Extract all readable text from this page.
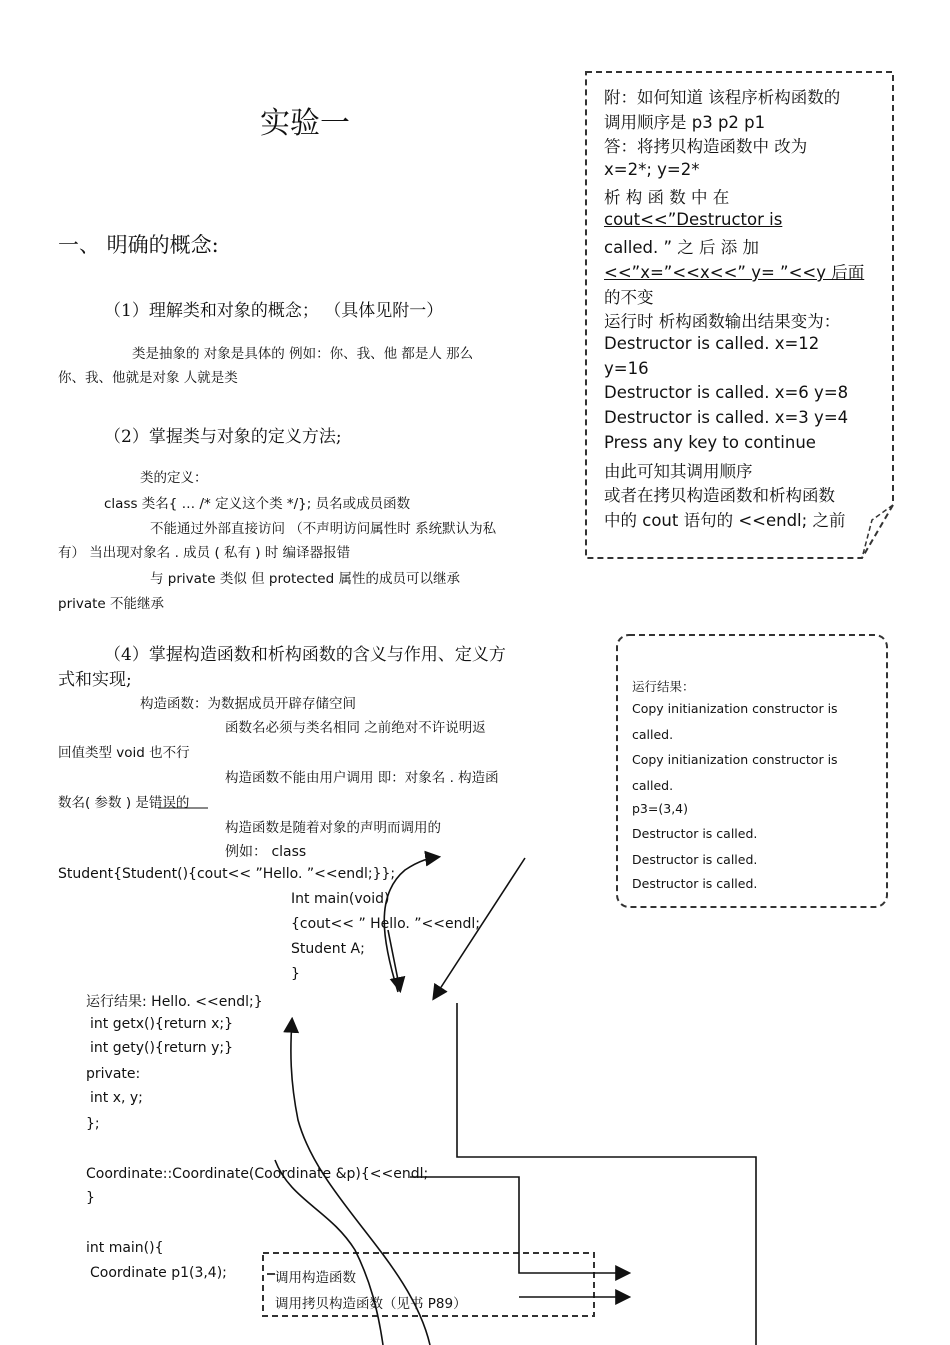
实验一
一、 明确的概念:
（1）理解类和对象的概念； （具体见附一）
类是抽象的 对象是具体的 例如：你、我、他 都是人 那么
你、我、他就是对象 人就是类
（2）掌握类与对象的定义方法;
类的定义：
class 类名{ … /* 定义这个类 */}; 员名或成员函数
不能通过外部直接访问 （不声明访问属性时 系统默认为私
有） 当出现对象名 . 成员 ( 私有 ) 时 编译器报错
与 private 类似 但 protected 属性的成员可以继承
private 不能继承
（4）掌握构造函数和析构函数的含义与作用、定义方
式和实现;
构造函数：为数据成员开辟存储空间
函数名必须与类名相同 之前绝对不许说明返
回值类型 void 也不行
构造函数不能由用户调用 即：对象名 . 构造函
数名( 参数 ) 是错误的
构造函数是随着对象的声明而调用的
例如： class
Student{Student(){cout<< ”Hello. ”<<endl;}};
Int main(void)
{cout<< ” Hello. ”<<endl;
Student A;
}
运行结果: Hello. <<endl;}
int getx(){return x;}
int gety(){return y;}
private:
int x, y;
};
Coordinate::Coordinate(Coordinate &p){<<endl;
}
int main(){
Coordinate p1(3,4);	调用构造函数
调用拷贝构造函数（见书 P89）
附：如何知道 该程序析构函数的
调用顺序是 p3 p2 p1
答：将拷贝构造函数中 改为
x=2*; y=2*
析 构 函 数 中 在
cout<<”Destructor is
called. ” 之 后 添 加
<<”x=”<<x<<” y= ”<<y 后面
的不变
运行时 析构函数输出结果变为：
Destructor is called. x=12
y=16
Destructor is called. x=6 y=8
Destructor is called. x=3 y=4
Press any key to continue
由此可知其调用顺序
或者在拷贝构造函数和析构函数
中的 cout 语句的 <<endl; 之前
运行结果：
Copy initianization constructor is
called.
Copy initianization constructor is
called.
p3=(3,4)
Destructor is called.
Destructor is called.
Destructor is called.
